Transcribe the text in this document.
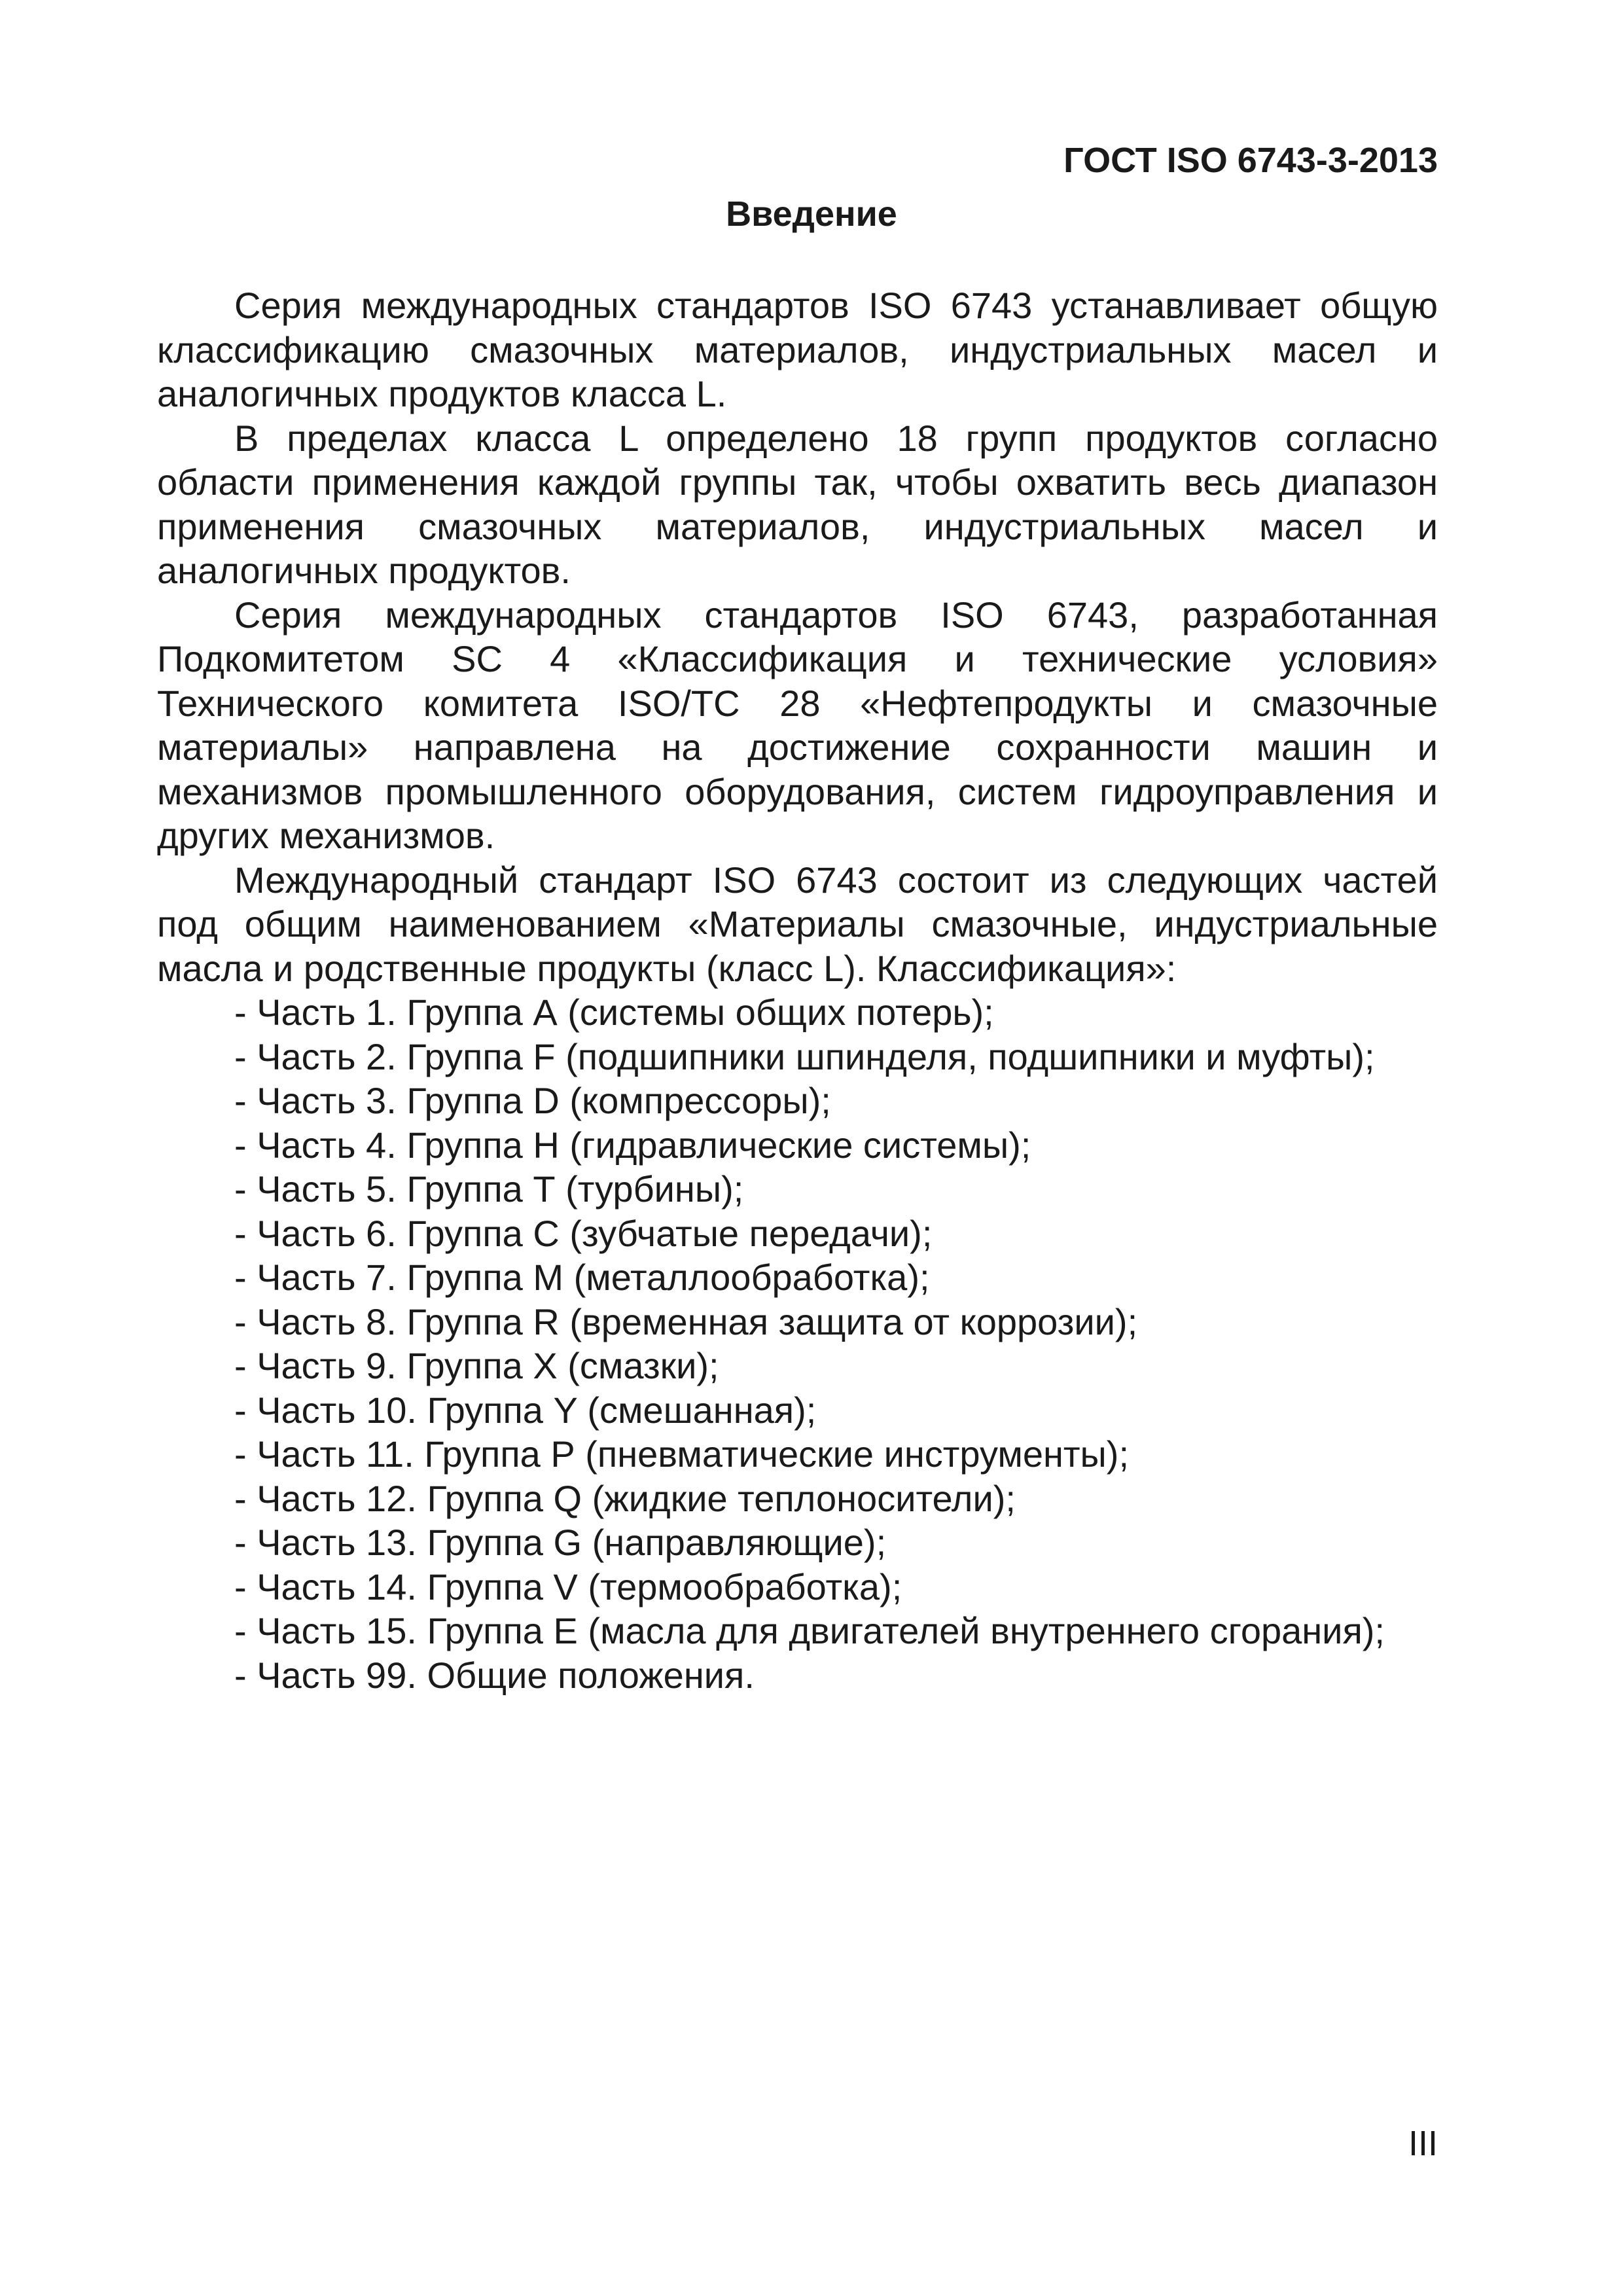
ГОСТ ISO 6743-3-2013
Введение

Серия международных стандартов ISO 6743 устанавливает общую классификацию смазочных материалов, индустриальных масел и аналогичных продуктов класса L.

В пределах класса L определено 18 групп продуктов согласно области применения каждой группы так, чтобы охватить весь диапазон применения смазочных материалов, индустриальных масел и аналогичных продуктов.

Серия международных стандартов ISO 6743, разработанная Подкомитетом SC 4 «Классификация и технические условия» Технического комитета ISO/TC 28 «Нефтепродукты и смазочные материалы» направлена на достижение сохранности машин и механизмов промышленного оборудования, систем гидроуправления и других механизмов.

Международный стандарт ISO 6743 состоит из следующих частей под общим наименованием «Материалы смазочные, индустриальные масла и родственные продукты (класс L). Классификация»:

- Часть 1. Группа А (системы общих потерь);
- Часть 2. Группа F (подшипники шпинделя, подшипники и муфты);
- Часть 3. Группа D (компрессоры);
- Часть 4. Группа H (гидравлические системы);
- Часть 5. Группа Т (турбины);
- Часть 6. Группа С (зубчатые передачи);
- Часть 7. Группа М (металлообработка);
- Часть 8. Группа R (временная защита от коррозии);
- Часть 9. Группа Х (смазки);
- Часть 10. Группа Y (смешанная);
- Часть 11. Группа Р (пневматические инструменты);
- Часть 12. Группа Q (жидкие теплоносители);
- Часть 13. Группа G (направляющие);
- Часть 14. Группа V (термообработка);
- Часть 15. Группа Е (масла для двигателей внутреннего сгорания);
- Часть 99. Общие положения.
III
